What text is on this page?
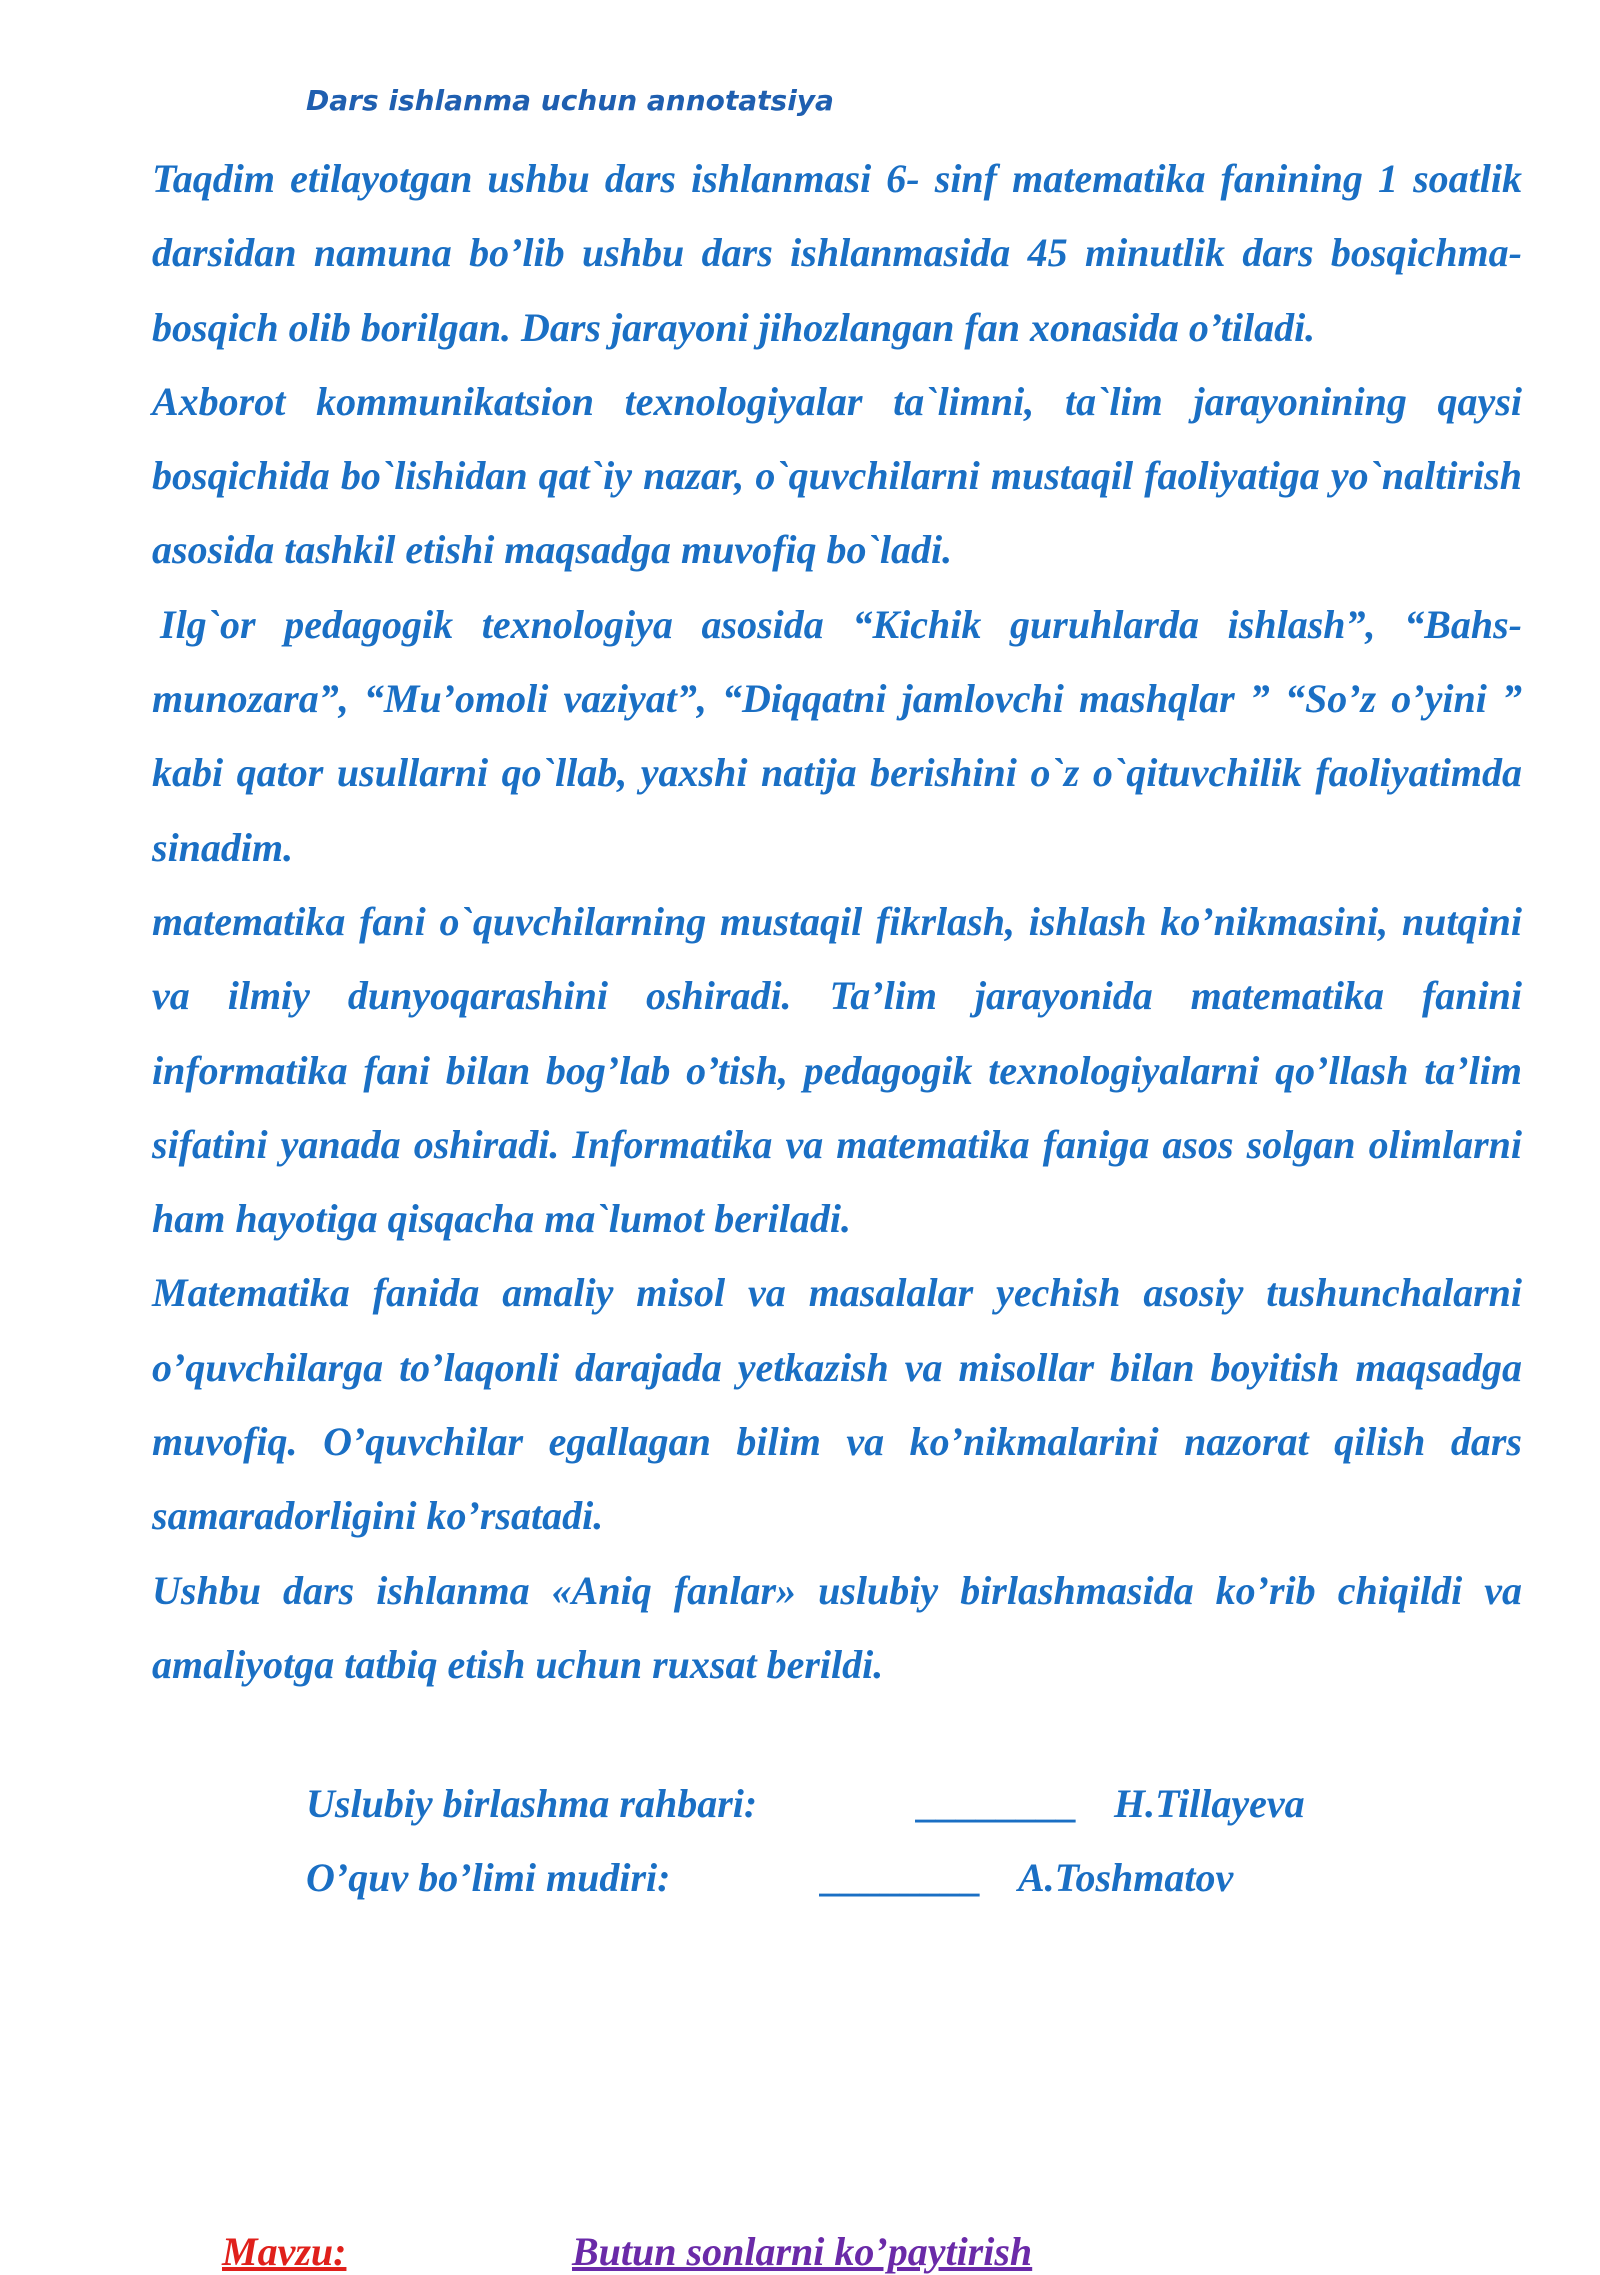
Dars ishlanma uchun annotatsiya

Taqdim etilayotgan ushbu dars ishlanmasi 6- sinf matematika fanining 1 soatlik darsidan namuna bo’lib ushbu dars ishlanmasida 45 minutlik dars bosqichma-bosqich olib borilgan. Dars jarayoni jihozlangan fan xonasida o’tiladi.

Axborot kommunikatsion texnologiyalar ta`limni, ta`lim jarayonining qaysi bosqichida bo`lishidan qat`iy nazar, o`quvchilarni mustaqil faoliyatiga yo`naltirish asosida tashkil etishi maqsadga muvofiq bo`ladi.

Ilg`or pedagogik texnologiya asosida “Kichik guruhlarda ishlash”, “Bahs-munozara”, “Mu’omoli vaziyat”, “Diqqatni jamlovchi mashqlar ” “So’z o’yini ” kabi qator usullarni qo`llab, yaxshi natija berishini o`z o`qituvchilik faoliyatimda sinadim.

matematika fani o`quvchilarning mustaqil fikrlash, ishlash ko’nikmasini, nutqini va ilmiy dunyoqarashini oshiradi. Ta’lim jarayonida matematika fanini informatika fani bilan bog’lab o’tish, pedagogik texnologiyalarni qo’llash ta’lim sifatini yanada oshiradi. Informatika va matematika faniga asos solgan olimlarni ham hayotiga qisqacha ma`lumot beriladi.

Matematika fanida amaliy misol va masalalar yechish asosiy tushunchalarni o’quvchilarga to’laqonli darajada yetkazish va misollar bilan boyitish maqsadga muvofiq. O’quvchilar egallagan bilim va ko’nikmalarini nazorat qilish dars samaradorligini ko’rsatadi.

Ushbu dars ishlanma «Aniq fanlar» uslubiy birlashmasida ko’rib chiqildi va amaliyotga tatbiq etish uchun ruxsat berildi.

Uslubiy birlashma rahbari:	________ H.Tillayeva
O’quv bo’limi mudiri:	________ A.Toshmatov
Mavzu:	Butun sonlarni ko’paytirish
